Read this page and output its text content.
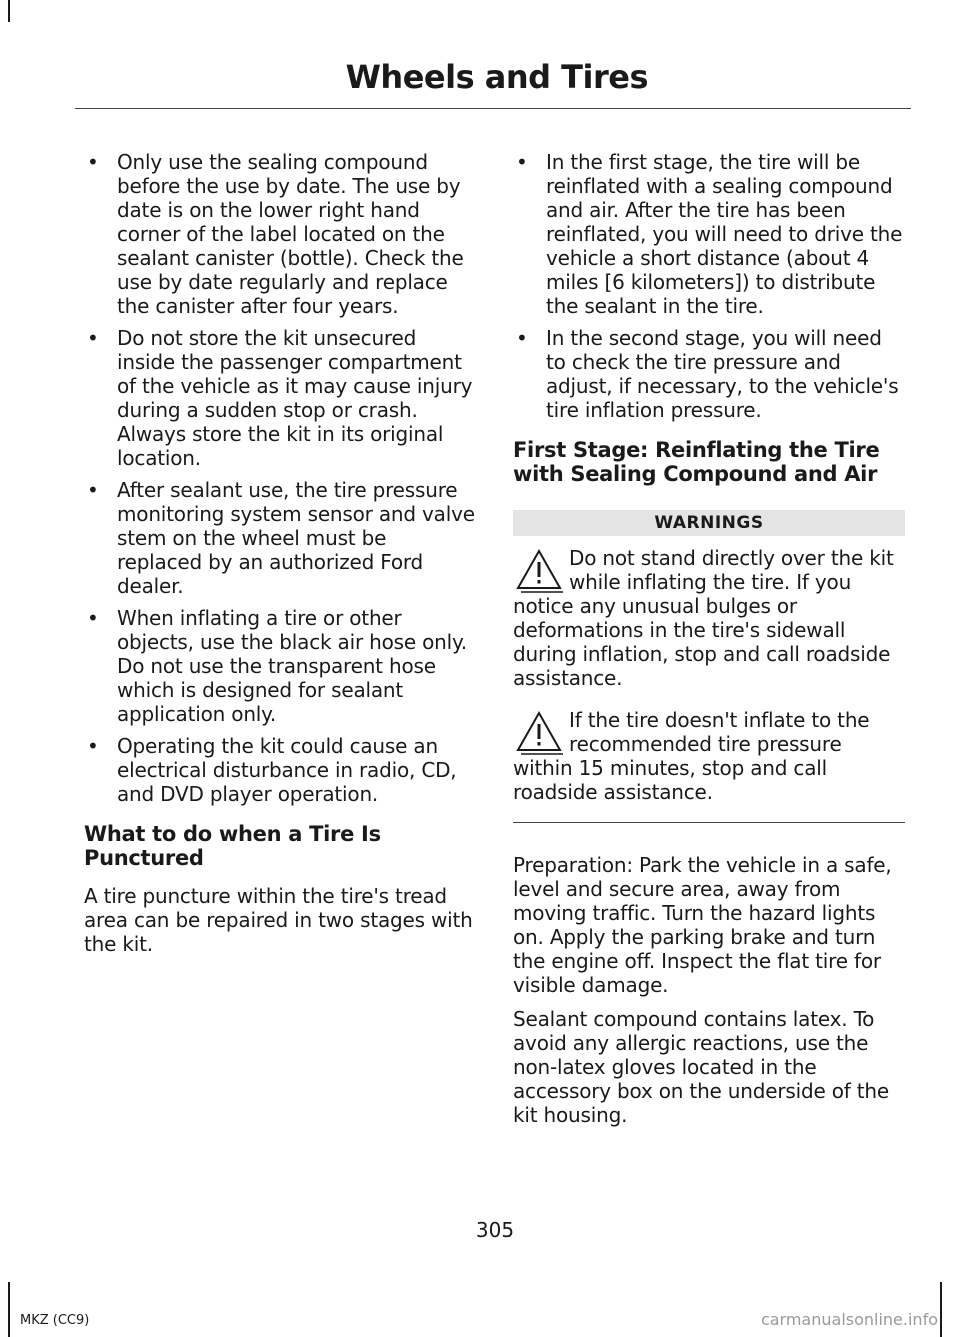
Wheels and Tires
• Only use the sealing compound before the use by date. The use by date is on the lower right hand corner of the label located on the sealant canister (bottle). Check the use by date regularly and replace the canister after four years.
• Do not store the kit unsecured inside the passenger compartment of the vehicle as it may cause injury during a sudden stop or crash. Always store the kit in its original location.
• After sealant use, the tire pressure monitoring system sensor and valve stem on the wheel must be replaced by an authorized Ford dealer.
• When inflating a tire or other objects, use the black air hose only. Do not use the transparent hose which is designed for sealant application only.
• Operating the kit could cause an electrical disturbance in radio, CD, and DVD player operation.
What to do when a Tire Is Punctured

A tire puncture within the tire's tread area can be repaired in two stages with the kit.

• In the first stage, the tire will be reinflated with a sealing compound and air. After the tire has been reinflated, you will need to drive the vehicle a short distance (about 4 miles [6 kilometers]) to distribute the sealant in the tire.
• In the second stage, you will need to check the tire pressure and adjust, if necessary, to the vehicle's tire inflation pressure.
First Stage: Reinflating the Tire with Sealing Compound and Air
WARNINGS
Do not stand directly over the kit while inflating the tire. If you notice any unusual bulges or deformations in the tire's sidewall during inflation, stop and call roadside assistance.
If the tire doesn't inflate to the recommended tire pressure within 15 minutes, stop and call roadside assistance.

Preparation: Park the vehicle in a safe, level and secure area, away from moving traffic. Turn the hazard lights on. Apply the parking brake and turn the engine off. Inspect the flat tire for visible damage.

Sealant compound contains latex. To avoid any allergic reactions, use the non-latex gloves located in the accessory box on the underside of the kit housing.

305
MKZ (CC9)	carmanualsonline.info
